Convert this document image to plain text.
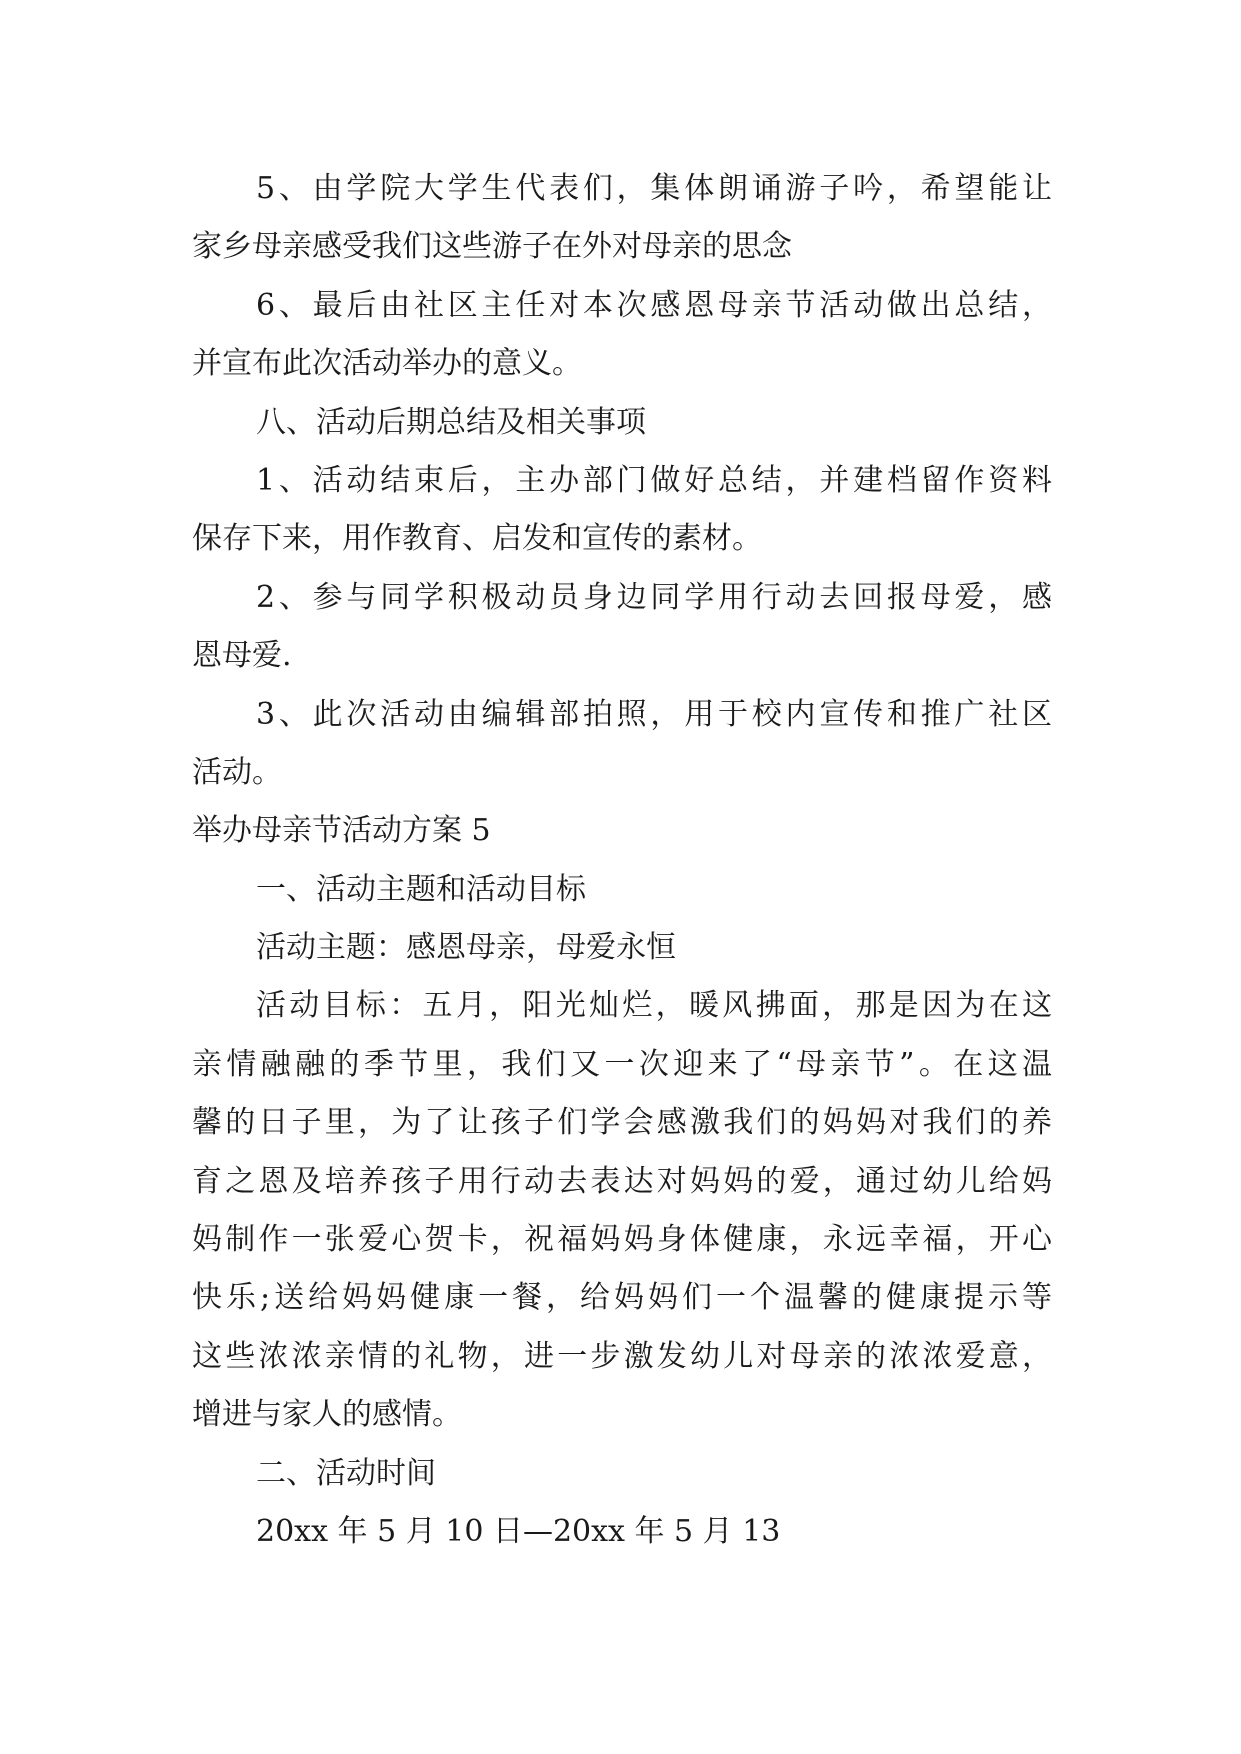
5、由学院大学生代表们，集体朗诵游子吟，希望能让
家乡母亲感受我们这些游子在外对母亲的思念
6、最后由社区主任对本次感恩母亲节活动做出总结，
并宣布此次活动举办的意义。
八、活动后期总结及相关事项
1、活动结束后，主办部门做好总结，并建档留作资料
保存下来，用作教育、启发和宣传的素材。
2、参与同学积极动员身边同学用行动去回报母爱，感
恩母爱.
3、此次活动由编辑部拍照，用于校内宣传和推广社区
活动。
举办母亲节活动方案 5
一、活动主题和活动目标
活动主题：感恩母亲，母爱永恒
活动目标：五月，阳光灿烂，暖风拂面，那是因为在这
亲情融融的季节里，我们又一次迎来了“母亲节”。在这温
馨的日子里，为了让孩子们学会感激我们的妈妈对我们的养
育之恩及培养孩子用行动去表达对妈妈的爱，通过幼儿给妈
妈制作一张爱心贺卡，祝福妈妈身体健康，永远幸福，开心
快乐;送给妈妈健康一餐，给妈妈们一个温馨的健康提示等
这些浓浓亲情的礼物，进一步激发幼儿对母亲的浓浓爱意，
增进与家人的感情。
二、活动时间
20xx 年 5 月 10 日—20xx 年 5 月 13
